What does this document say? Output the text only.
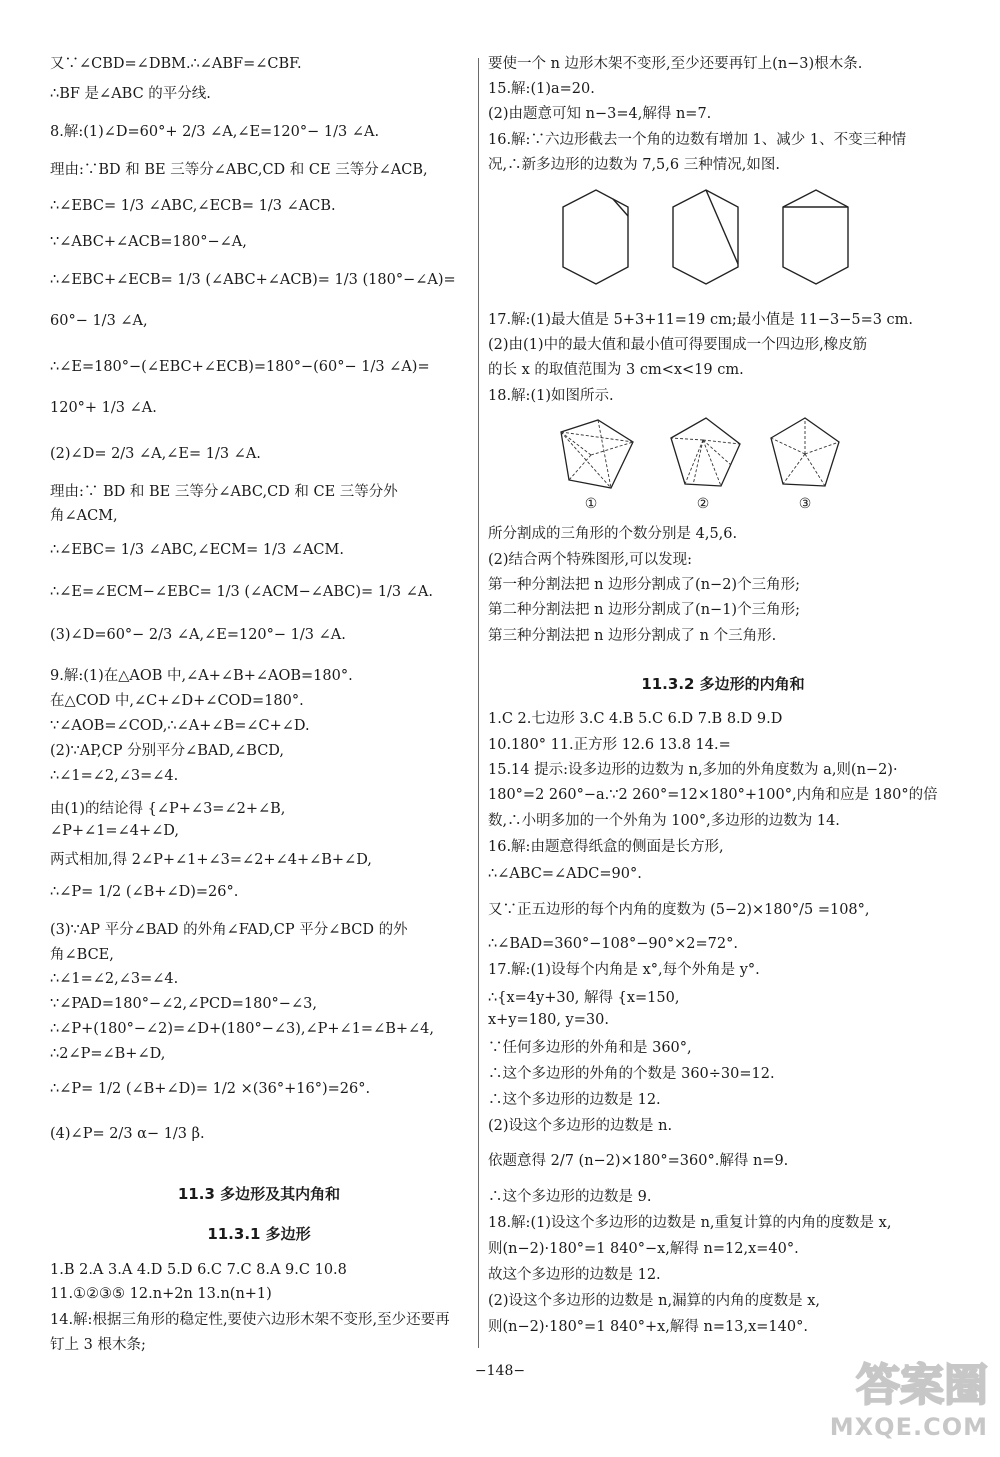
又∵∠CBD=∠DBM.∴∠ABF=∠CBF.
∴BF 是∠ABC 的平分线.
8.解:(1)∠D=60°+ 2/3 ∠A,∠E=120°− 1/3 ∠A.
理由:∵BD 和 BE 三等分∠ABC,CD 和 CE 三等分∠ACB,
∴∠EBC= 1/3 ∠ABC,∠ECB= 1/3 ∠ACB.
∵∠ABC+∠ACB=180°−∠A,
∴∠EBC+∠ECB= 1/3 (∠ABC+∠ACB)= 1/3 (180°−∠A)=
60°− 1/3 ∠A,
∴∠E=180°−(∠EBC+∠ECB)=180°−(60°− 1/3 ∠A)=
120°+ 1/3 ∠A.
(2)∠D= 2/3 ∠A,∠E= 1/3 ∠A.
理由:∵ BD 和 BE 三等分∠ABC,CD 和 CE 三等分外
角∠ACM,
∴∠EBC= 1/3 ∠ABC,∠ECM= 1/3 ∠ACM.
∴∠E=∠ECM−∠EBC= 1/3 (∠ACM−∠ABC)= 1/3 ∠A.
(3)∠D=60°− 2/3 ∠A,∠E=120°− 1/3 ∠A.
9.解:(1)在△AOB 中,∠A+∠B+∠AOB=180°.
在△COD 中,∠C+∠D+∠COD=180°.
∵∠AOB=∠COD,∴∠A+∠B=∠C+∠D.
(2)∵AP,CP 分别平分∠BAD,∠BCD,
∴∠1=∠2,∠3=∠4.
由(1)的结论得 {∠P+∠3=∠2+∠B,
∠P+∠1=∠4+∠D,
两式相加,得 2∠P+∠1+∠3=∠2+∠4+∠B+∠D,
∴∠P= 1/2 (∠B+∠D)=26°.
(3)∵AP 平分∠BAD 的外角∠FAD,CP 平分∠BCD 的外
角∠BCE,
∴∠1=∠2,∠3=∠4.
∵∠PAD=180°−∠2,∠PCD=180°−∠3,
∴∠P+(180°−∠2)=∠D+(180°−∠3),∠P+∠1=∠B+∠4,
∴2∠P=∠B+∠D,
∴∠P= 1/2 (∠B+∠D)= 1/2 ×(36°+16°)=26°.
(4)∠P= 2/3 α− 1/3 β.
11.3 多边形及其内角和
11.3.1 多边形
1.B 2.A 3.A 4.D 5.D 6.C 7.C 8.A 9.C 10.8
11.①②③⑤ 12.n+2n 13.n(n+1)
14.解:根据三角形的稳定性,要使六边形木架不变形,至少还要再
钉上 3 根木条;
要使一个 n 边形木架不变形,至少还要再钉上(n−3)根木条.
15.解:(1)a=20.
(2)由题意可知 n−3=4,解得 n=7.
16.解:∵六边形截去一个角的边数有增加 1、减少 1、不变三种情
况,∴新多边形的边数为 7,5,6 三种情况,如图.
17.解:(1)最大值是 5+3+11=19 cm;最小值是 11−3−5=3 cm.
(2)由(1)中的最大值和最小值可得要围成一个四边形,橡皮筋
的长 x 的取值范围为 3 cm<x<19 cm.
18.解:(1)如图所示.
①	②	③
所分割成的三角形的个数分别是 4,5,6.
(2)结合两个特殊图形,可以发现:
第一种分割法把 n 边形分割成了(n−2)个三角形;
第二种分割法把 n 边形分割成了(n−1)个三角形;
第三种分割法把 n 边形分割成了 n 个三角形.
11.3.2 多边形的内角和
1.C 2.七边形 3.C 4.B 5.C 6.D 7.B 8.D 9.D
10.180° 11.正方形 12.6 13.8 14.=
15.14 提示:设多边形的边数为 n,多加的外角度数为 a,则(n−2)·
180°=2 260°−a.∵2 260°=12×180°+100°,内角和应是 180°的倍
数,∴小明多加的一个外角为 100°,多边形的边数为 14.
16.解:由题意得纸盒的侧面是长方形,
∴∠ABC=∠ADC=90°.
又∵正五边形的每个内角的度数为 (5−2)×180°/5 =108°,
∴∠BAD=360°−108°−90°×2=72°.
17.解:(1)设每个内角是 x°,每个外角是 y°.
∴{x=4y+30, 解得 {x=150,
x+y=180, y=30.
∵任何多边形的外角和是 360°,
∴这个多边形的外角的个数是 360÷30=12.
∴这个多边形的边数是 12.
(2)设这个多边形的边数是 n.
依题意得 2/7 (n−2)×180°=360°.解得 n=9.
∴这个多边形的边数是 9.
18.解:(1)设这个多边形的边数是 n,重复计算的内角的度数是 x,
则(n−2)·180°=1 840°−x,解得 n=12,x=40°.
故这个多边形的边数是 12.
(2)设这个多边形的边数是 n,漏算的内角的度数是 x,
则(n−2)·180°=1 840°+x,解得 n=13,x=140°.
−148−	答案圈
MXQE.COM
